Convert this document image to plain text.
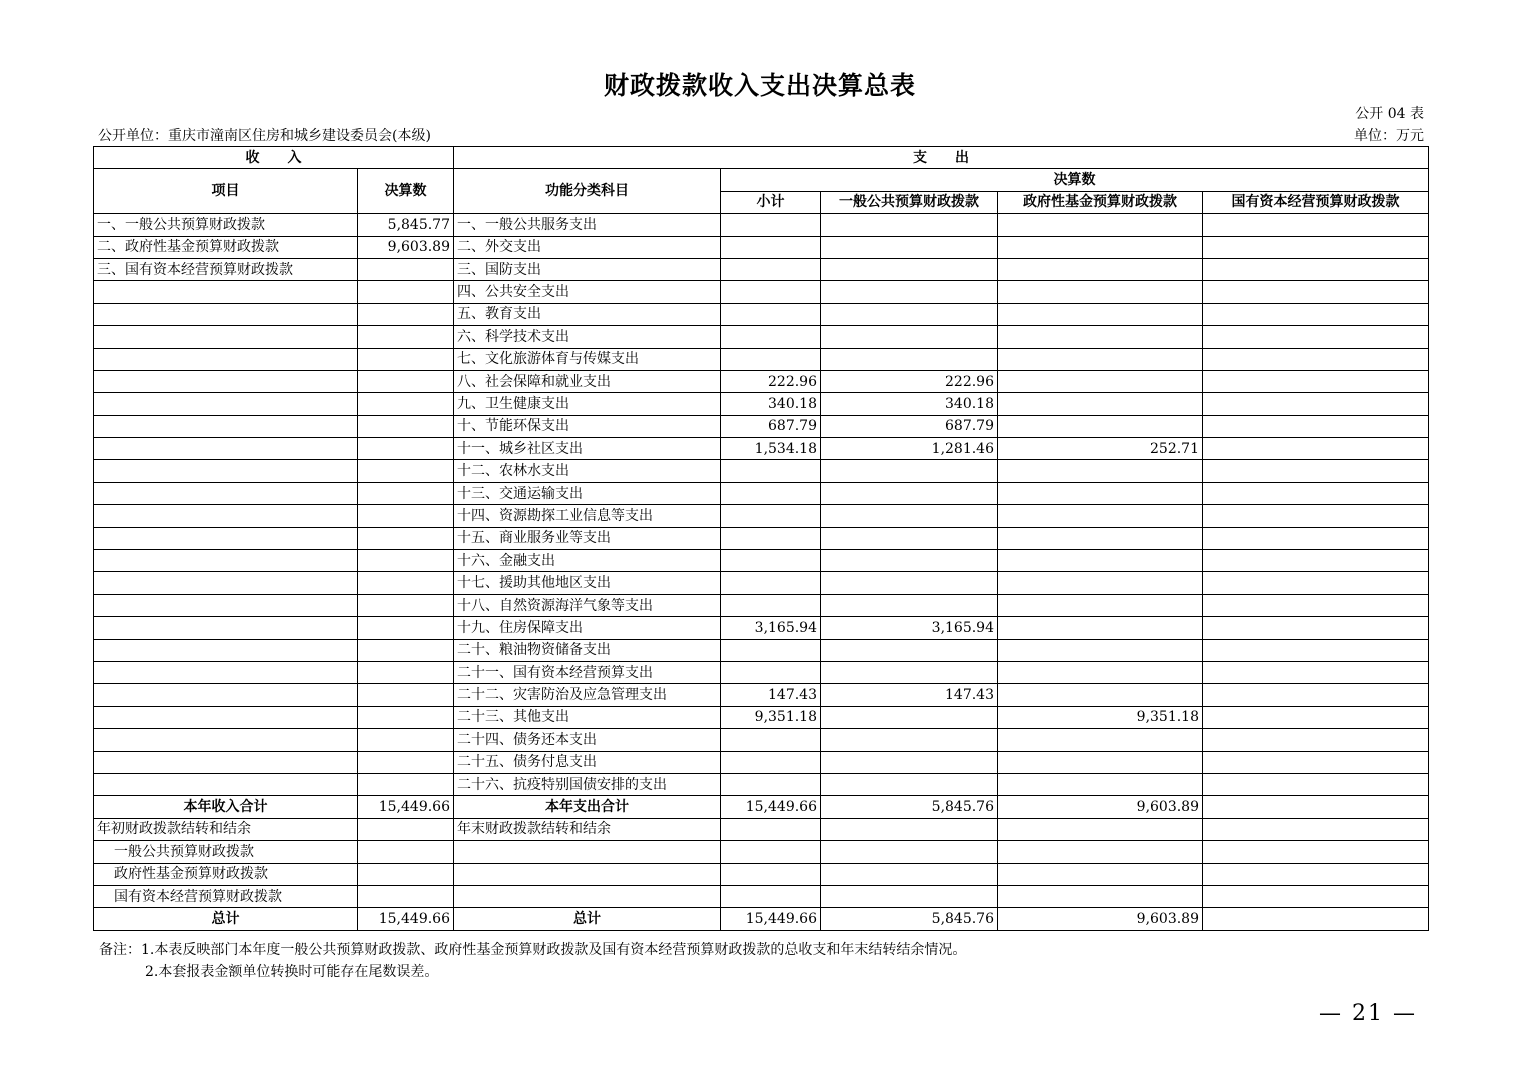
财政拨款收入支出决算总表
公开 04 表
公开单位：重庆市潼南区住房和城乡建设委员会(本级)	单位：万元
收　　入		支　　出				
项目	决算数	功能分类科目	决算数			
			小计	一般公共预算财政拨款	政府性基金预算财政拨款	国有资本经营预算财政拨款
一、一般公共预算财政拨款	5,845.77	一、一般公共服务支出				
二、政府性基金预算财政拨款	9,603.89	二、外交支出				
三、国有资本经营预算财政拨款		三、国防支出				
		四、公共安全支出				
		五、教育支出				
		六、科学技术支出				
		七、文化旅游体育与传媒支出				
		八、社会保障和就业支出	222.96	222.96		
		九、卫生健康支出	340.18	340.18		
		十、节能环保支出	687.79	687.79		
		十一、城乡社区支出	1,534.18	1,281.46	252.71	
		十二、农林水支出				
		十三、交通运输支出				
		十四、资源勘探工业信息等支出				
		十五、商业服务业等支出				
		十六、金融支出				
		十七、援助其他地区支出				
		十八、自然资源海洋气象等支出				
		十九、住房保障支出	3,165.94	3,165.94		
		二十、粮油物资储备支出				
		二十一、国有资本经营预算支出				
		二十二、灾害防治及应急管理支出	147.43	147.43		
		二十三、其他支出	9,351.18		9,351.18	
		二十四、债务还本支出				
		二十五、债务付息支出				
		二十六、抗疫特别国债安排的支出				
本年收入合计	15,449.66	本年支出合计	15,449.66	5,845.76	9,603.89	
年初财政拨款结转和结余		年末财政拨款结转和结余				
一般公共预算财政拨款						
政府性基金预算财政拨款						
国有资本经营预算财政拨款						
总计	15,449.66	总计	15,449.66	5,845.76	9,603.89	
备注：1.本表反映部门本年度一般公共预算财政拨款、政府性基金预算财政拨款及国有资本经营预算财政拨款的总收支和年末结转结余情况。
2.本套报表金额单位转换时可能存在尾数误差。
— 21 —
